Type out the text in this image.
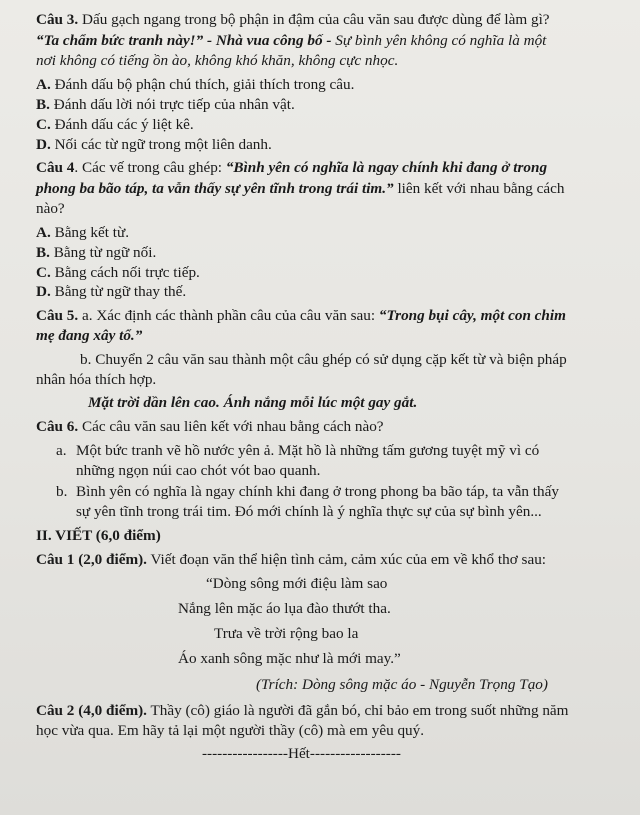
Câu 3. Dấu gạch ngang trong bộ phận in đậm của câu văn sau được dùng để làm gì?
“Ta chẩm bức tranh này!” - Nhà vua công bố - Sự bình yên không có nghĩa là một
nơi không có tiếng ồn ào, không khó khăn, không cực nhọc.
A. Đánh dấu bộ phận chú thích, giải thích trong câu.
B. Đánh dấu lời nói trực tiếp của nhân vật.
C. Đánh dấu các ý liệt kê.
D. Nối các từ ngữ trong một liên danh.
Câu 4. Các vế trong câu ghép: “Bình yên có nghĩa là ngay chính khi đang ở trong
phong ba bão táp, ta vẫn thấy sự yên tĩnh trong trái tim.” liên kết với nhau bằng cách
nào?
A. Bằng kết từ.
B. Bằng từ ngữ nối.
C. Bằng cách nối trực tiếp.
D. Bằng từ ngữ thay thế.
Câu 5. a. Xác định các thành phần câu của câu văn sau: “Trong bụi cây, một con chim
mẹ đang xây tổ.”
b. Chuyển 2 câu văn sau thành một câu ghép có sử dụng cặp kết từ và biện pháp
nhân hóa thích hợp.
Mặt trời dần lên cao. Ánh nắng mỗi lúc một gay gắt.
Câu 6. Các câu văn sau liên kết với nhau bằng cách nào?
a. Một bức tranh vẽ hồ nước yên ả. Mặt hồ là những tấm gương tuyệt mỹ vì có
những ngọn núi cao chót vót bao quanh.
b. Bình yên có nghĩa là ngay chính khi đang ở trong phong ba bão táp, ta vẫn thấy
sự yên tĩnh trong trái tim. Đó mới chính là ý nghĩa thực sự của sự bình yên...
II. VIẾT (6,0 điểm)
Câu 1 (2,0 điểm). Viết đoạn văn thể hiện tình cảm, cảm xúc của em về khổ thơ sau:
“Dòng sông mới điệu làm sao
Nắng lên mặc áo lụa đào thướt tha.
Trưa về trời rộng bao la
Áo xanh sông mặc như là mới may.”
(Trích: Dòng sông mặc áo - Nguyễn Trọng Tạo)
Câu 2 (4,0 điểm). Thầy (cô) giáo là người đã gắn bó, chỉ bảo em trong suốt những năm
học vừa qua. Em hãy tả lại một người thầy (cô) mà em yêu quý.
-----------------Hết------------------
